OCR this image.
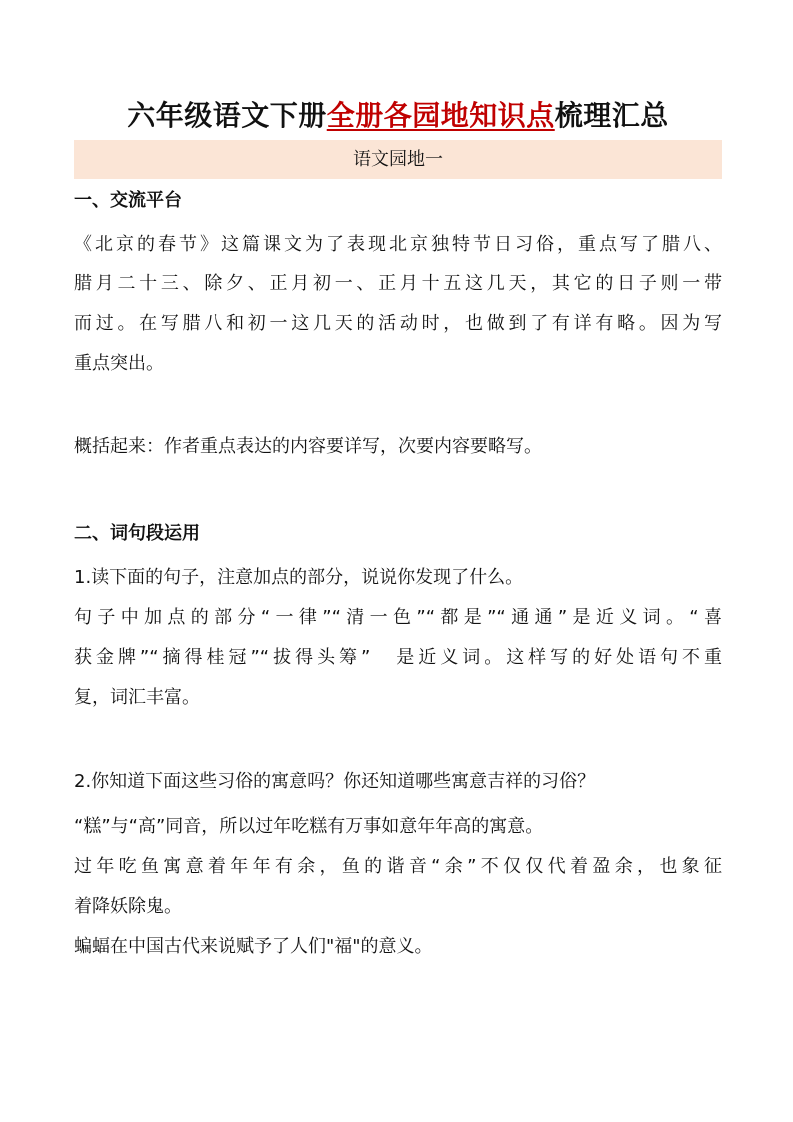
六年级语文下册全册各园地知识点梳理汇总
语文园地一
一、交流平台
《北京的春节》这篇课文为了表现北京独特节日习俗，重点写了腊八、
腊月二十三、除夕、正月初一、正月十五这几天，其它的日子则一带
而过。在写腊八和初一这几天的活动时，也做到了有详有略。因为写
重点突出。
概括起来：作者重点表达的内容要详写，次要内容要略写。
二、词句段运用
1.读下面的句子，注意加点的部分，说说你发现了什么。
句子中加点的部分“一律”“清一色”“都是”“通通”是近义词。“喜
获金牌”“摘得桂冠”“拔得头筹”　是近义词。这样写的好处语句不重
复，词汇丰富。
2.你知道下面这些习俗的寓意吗？你还知道哪些寓意吉祥的习俗？
“糕”与“高”同音，所以过年吃糕有万事如意年年高的寓意。
过年吃鱼寓意着年年有余，鱼的谐音“余”不仅仅代着盈余，也象征
着降妖除鬼。
蝙蝠在中国古代来说赋予了人们"福"的意义。
